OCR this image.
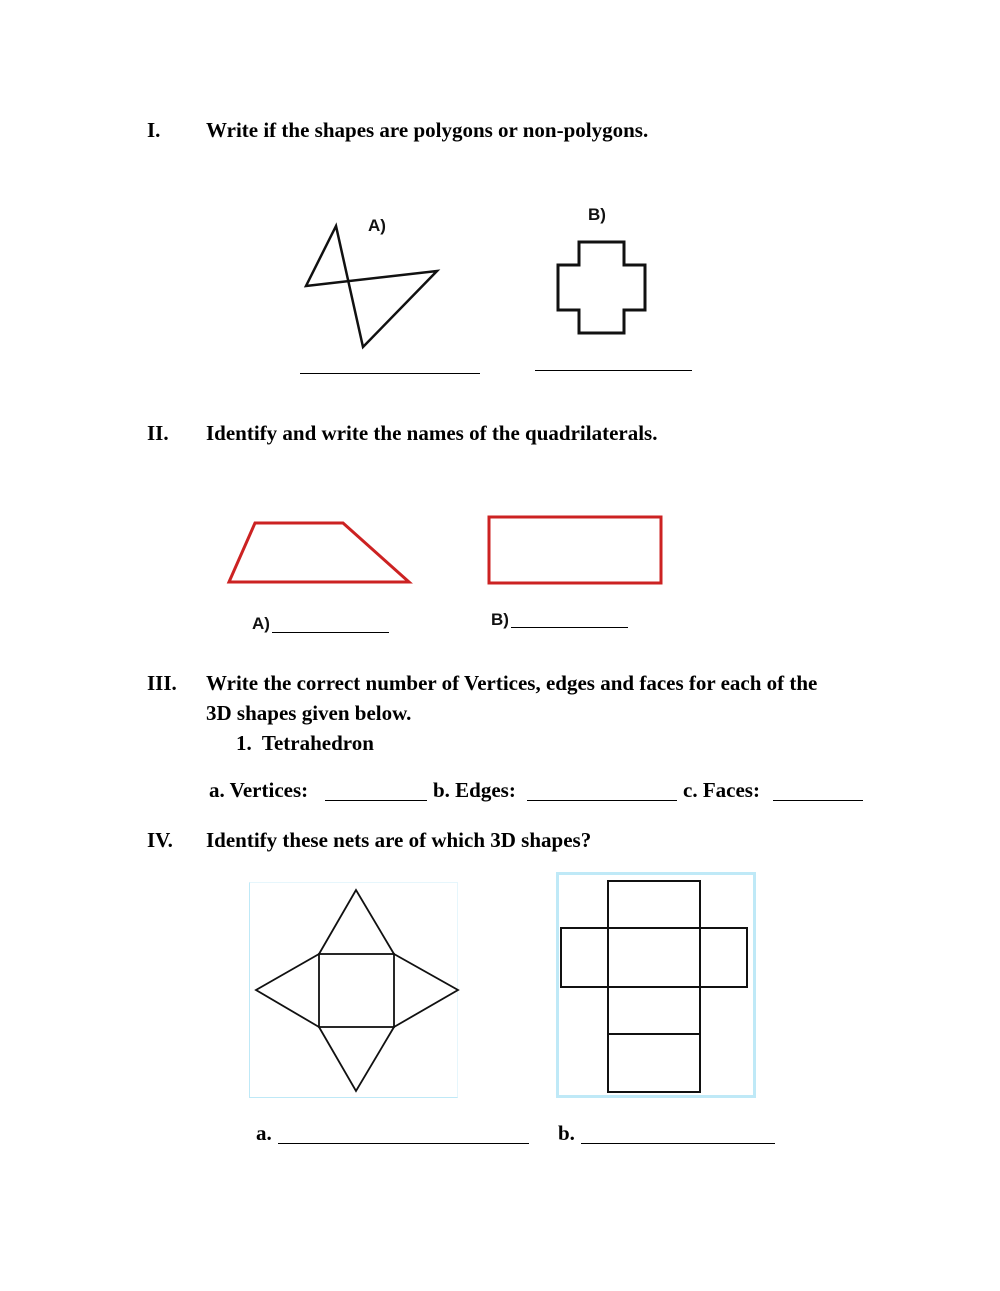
I. Write if the shapes are polygons or non-polygons.
A)
B)
II. Identify and write the names of the quadrilaterals.
A)	B)
III. Write the correct number of Vertices, edges and faces for each of the
3D shapes given below.
1.  Tetrahedron
a. Vertices:	b. Edges:	c. Faces:
IV. Identify these nets are of which 3D shapes?
a.	b.
